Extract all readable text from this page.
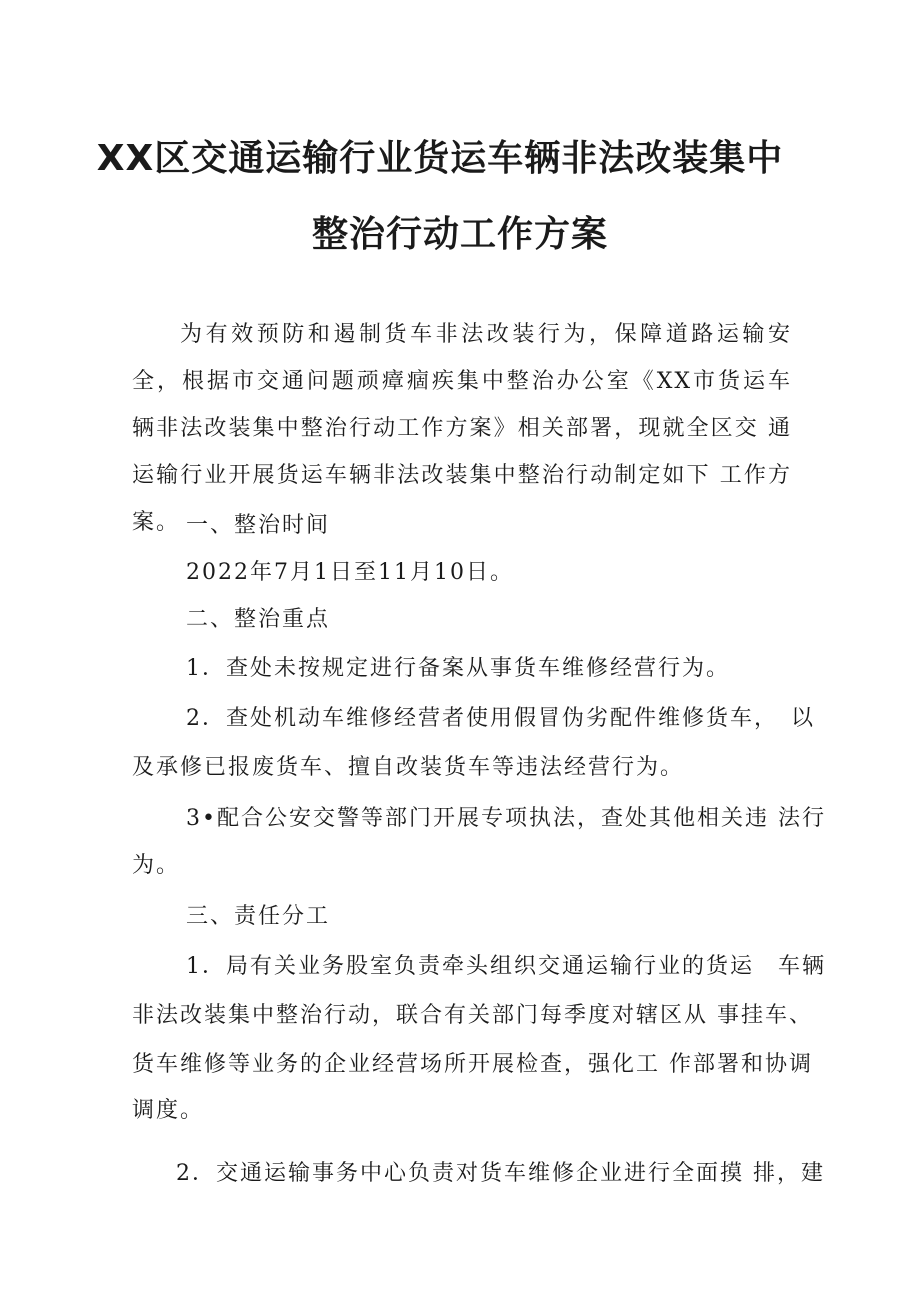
XX区交通运输行业货运车辆非法改装集中
整治行动工作方案
为有效预防和遏制货车非法改装行为，保障道路运输安　全，根据市交通问题顽瘴痼疾集中整治办公室《XX市货运车 辆非法改装集中整治行动工作方案》相关部署，现就全区交 通运输行业开展货运车辆非法改装集中整治行动制定如下 工作方案。 一、整治时间
2022年7月1日至11月10日。
二、整治重点
1．查处未按规定进行备案从事货车维修经营行为。
2．查处机动车维修经营者使用假冒伪劣配件维修货车，　以
及承修已报废货车、擅自改装货车等违法经营行为。
3•配合公安交警等部门开展专项执法，查处其他相关违 法行
为。
三、责任分工
1．局有关业务股室负责牵头组织交通运输行业的货运　车辆
非法改装集中整治行动，联合有关部门每季度对辖区从 事挂车、
货车维修等业务的企业经营场所开展检查，强化工 作部署和协调
调度。
2．交通运输事务中心负责对货车维修企业进行全面摸 排，建
